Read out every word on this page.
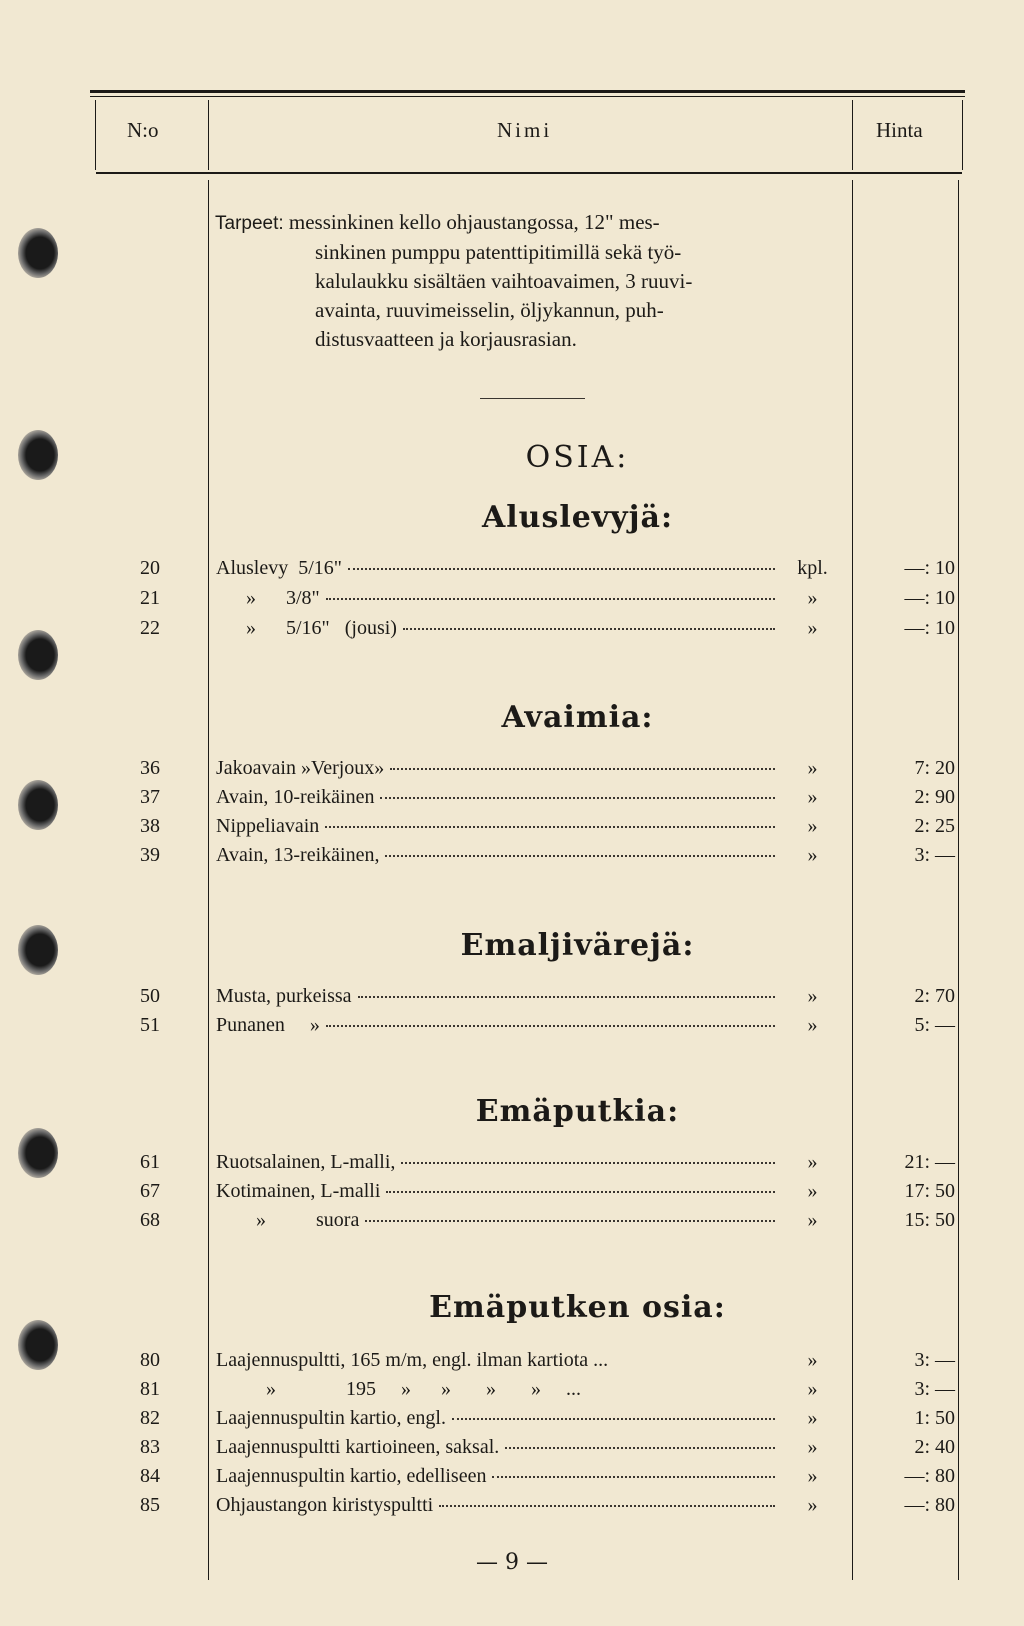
N:o	Nimi	Hinta
Tarpeet: messinkinen kello ohjaustangossa, 12" mes-
sinkinen pumppu patenttipitimillä sekä työ-
kalulaukku sisältäen vaihtoavaimen, 3 ruuvi-
avainta, ruuvimeisselin, öljykannun, puh-
distusvaatteen ja korjausrasian.
OSIA:
Aluslevyjä:
20	Aluslevy  5/16"	kpl.	—: 10
21	»      3/8"	»	—: 10
22	»      5/16"   (jousi)	»	—: 10
Avaimia:
36	Jakoavain »Verjoux»	»	7: 20
37	Avain, 10-reikäinen	»	2: 90
38	Nippeliavain	»	2: 25
39	Avain, 13-reikäinen,	»	3: —
Emaljivärejä:
50	Musta, purkeissa	»	2: 70
51	Punanen     »	»	5: —
Emäputkia:
61	Ruotsalainen, L-malli,	»	21: —
67	Kotimainen, L-malli	»	17: 50
68	»          suora	»	15: 50
Emäputken osia:
80	Laajennuspultti, 165 m/m, engl. ilman kartiota ...	»	3: —
81	»              195     »      »       »       »     ...	»	3: —
82	Laajennuspultin kartio, engl.	»	1: 50
83	Laajennuspultti kartioineen, saksal.	»	2: 40
84	Laajennuspultin kartio, edelliseen	»	—: 80
85	Ohjaustangon kiristyspultti	»	—: 80
— 9 —
